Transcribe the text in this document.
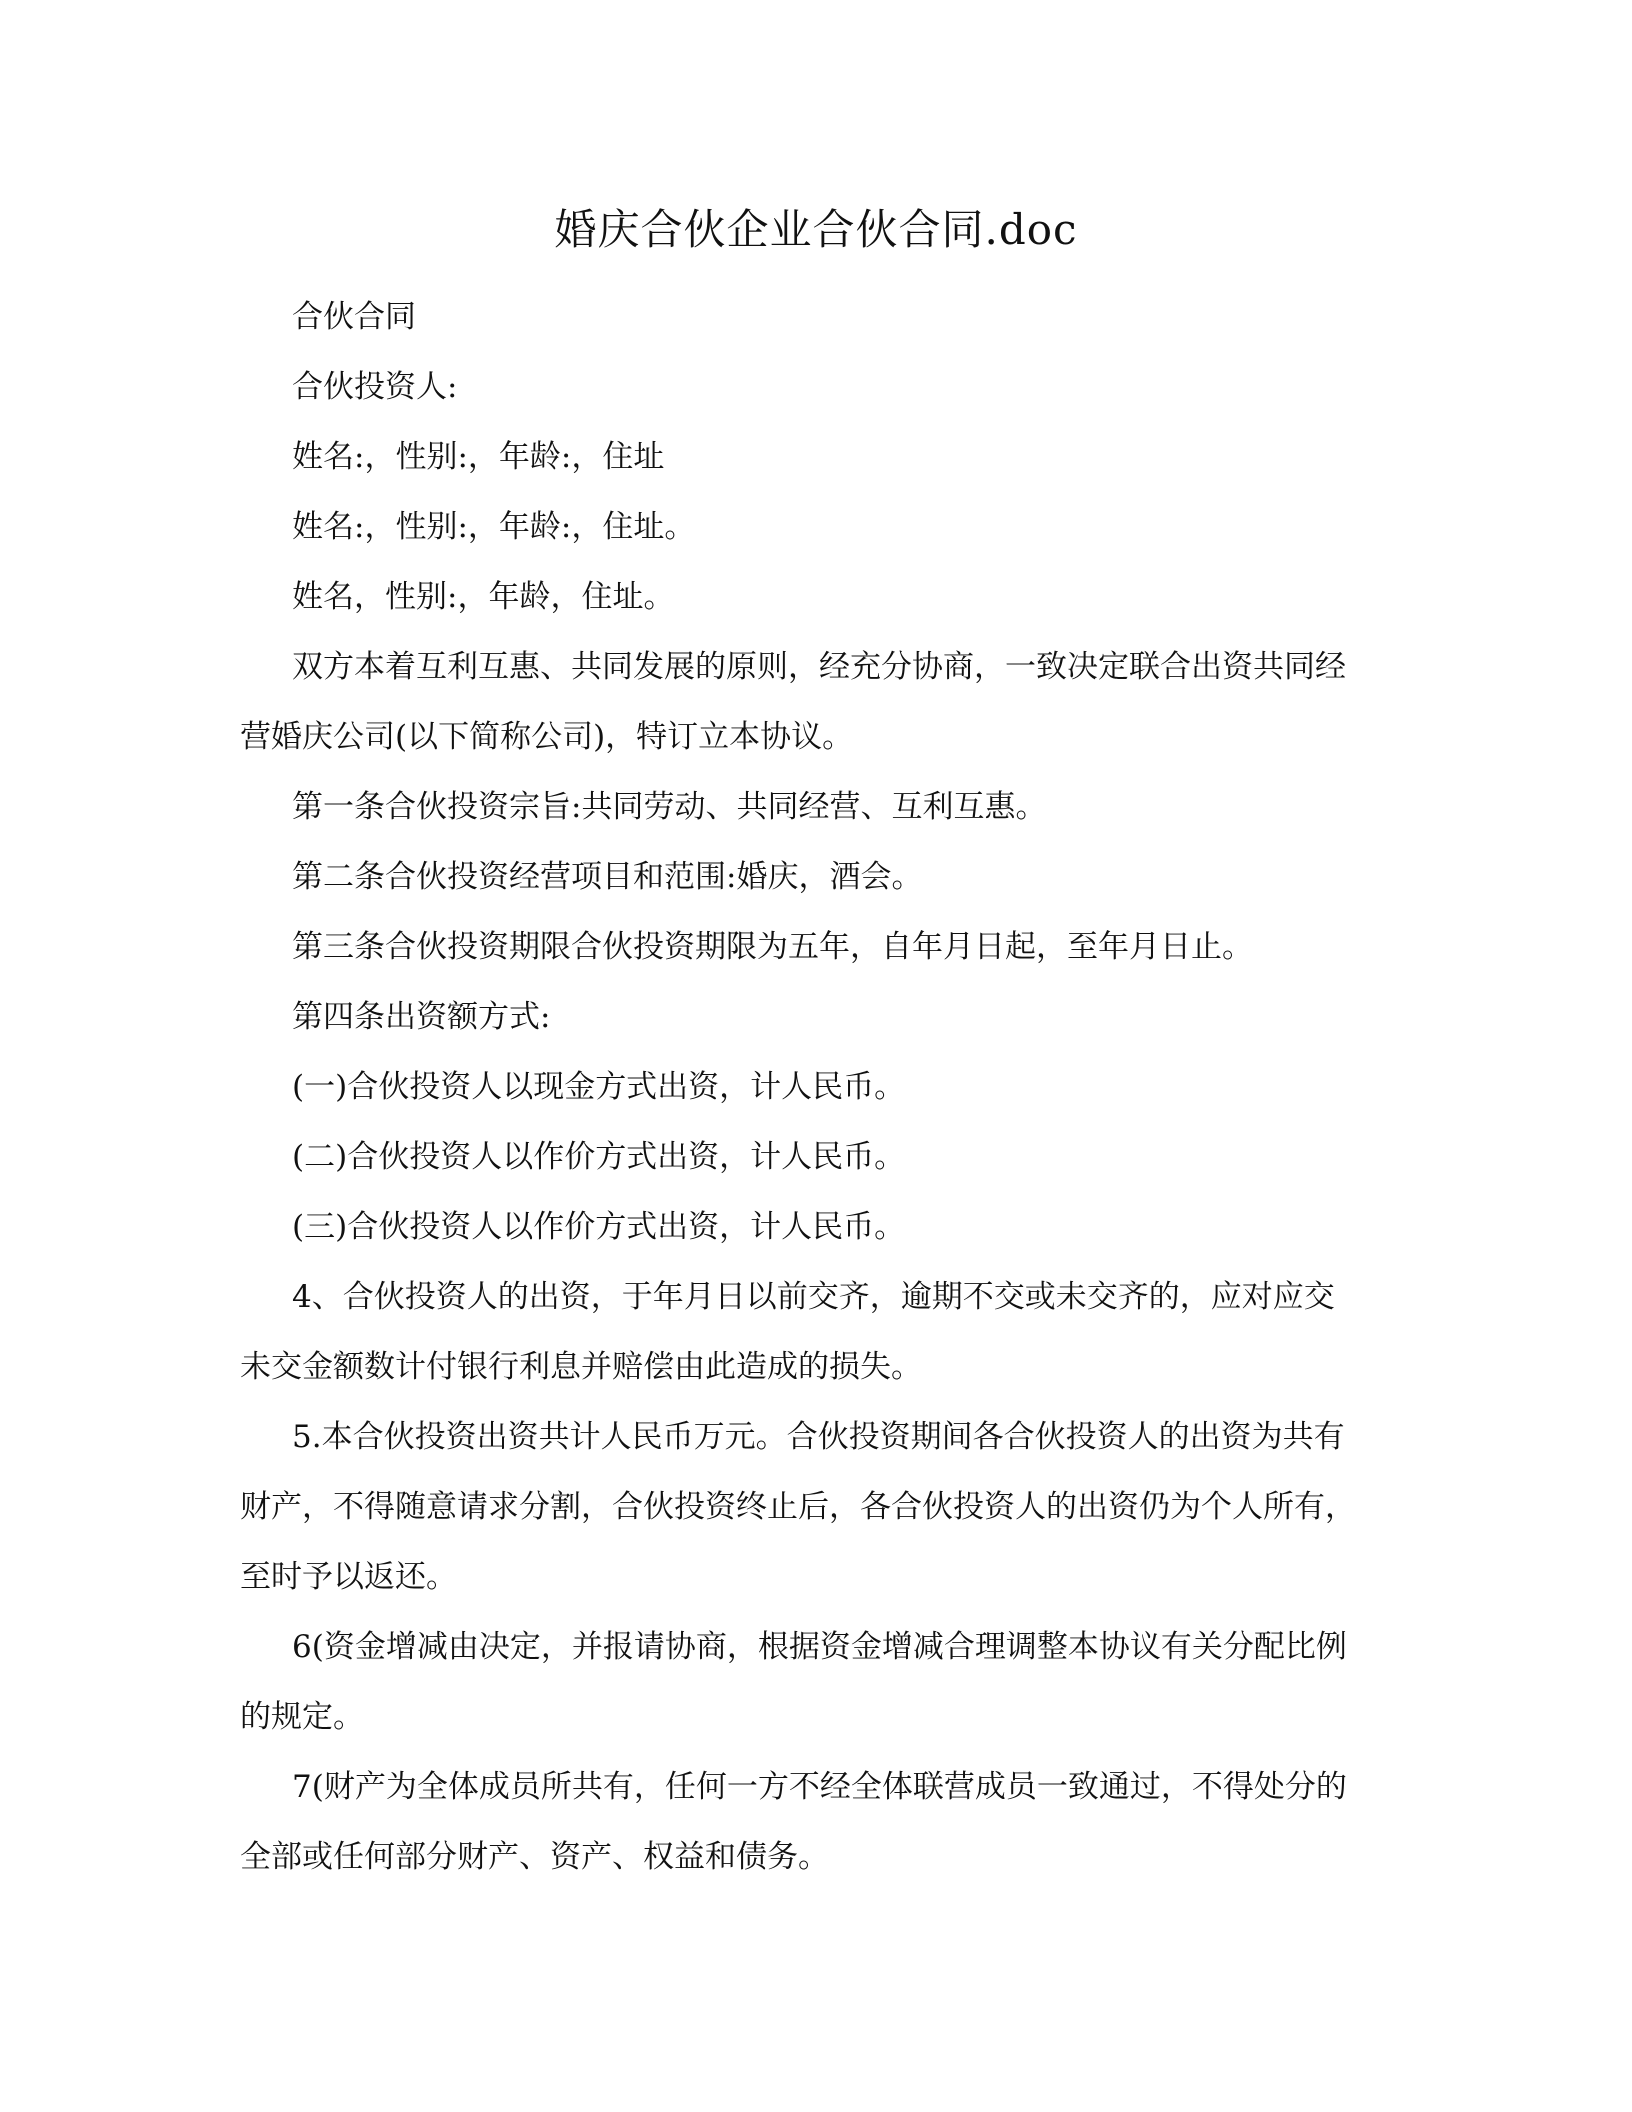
婚庆合伙企业合伙合同.doc

合伙合同

合伙投资人:

姓名:，性别:，年龄:，住址

姓名:，性别:，年龄:，住址。

姓名，性别:，年龄，住址。

双方本着互利互惠、共同发展的原则，经充分协商，一致决定联合出资共同经
营婚庆公司(以下简称公司)，特订立本协议。

第一条合伙投资宗旨:共同劳动、共同经营、互利互惠。

第二条合伙投资经营项目和范围:婚庆，酒会。

第三条合伙投资期限合伙投资期限为五年，自年月日起，至年月日止。

第四条出资额方式:

(一)合伙投资人以现金方式出资，计人民币。

(二)合伙投资人以作价方式出资，计人民币。

(三)合伙投资人以作价方式出资，计人民币。

4、合伙投资人的出资，于年月日以前交齐，逾期不交或未交齐的，应对应交
未交金额数计付银行利息并赔偿由此造成的损失。

5.本合伙投资出资共计人民币万元。合伙投资期间各合伙投资人的出资为共有
财产，不得随意请求分割，合伙投资终止后，各合伙投资人的出资仍为个人所有，
至时予以返还。

6(资金增减由决定，并报请协商，根据资金增减合理调整本协议有关分配比例
的规定。

7(财产为全体成员所共有，任何一方不经全体联营成员一致通过，不得处分的
全部或任何部分财产、资产、权益和债务。
